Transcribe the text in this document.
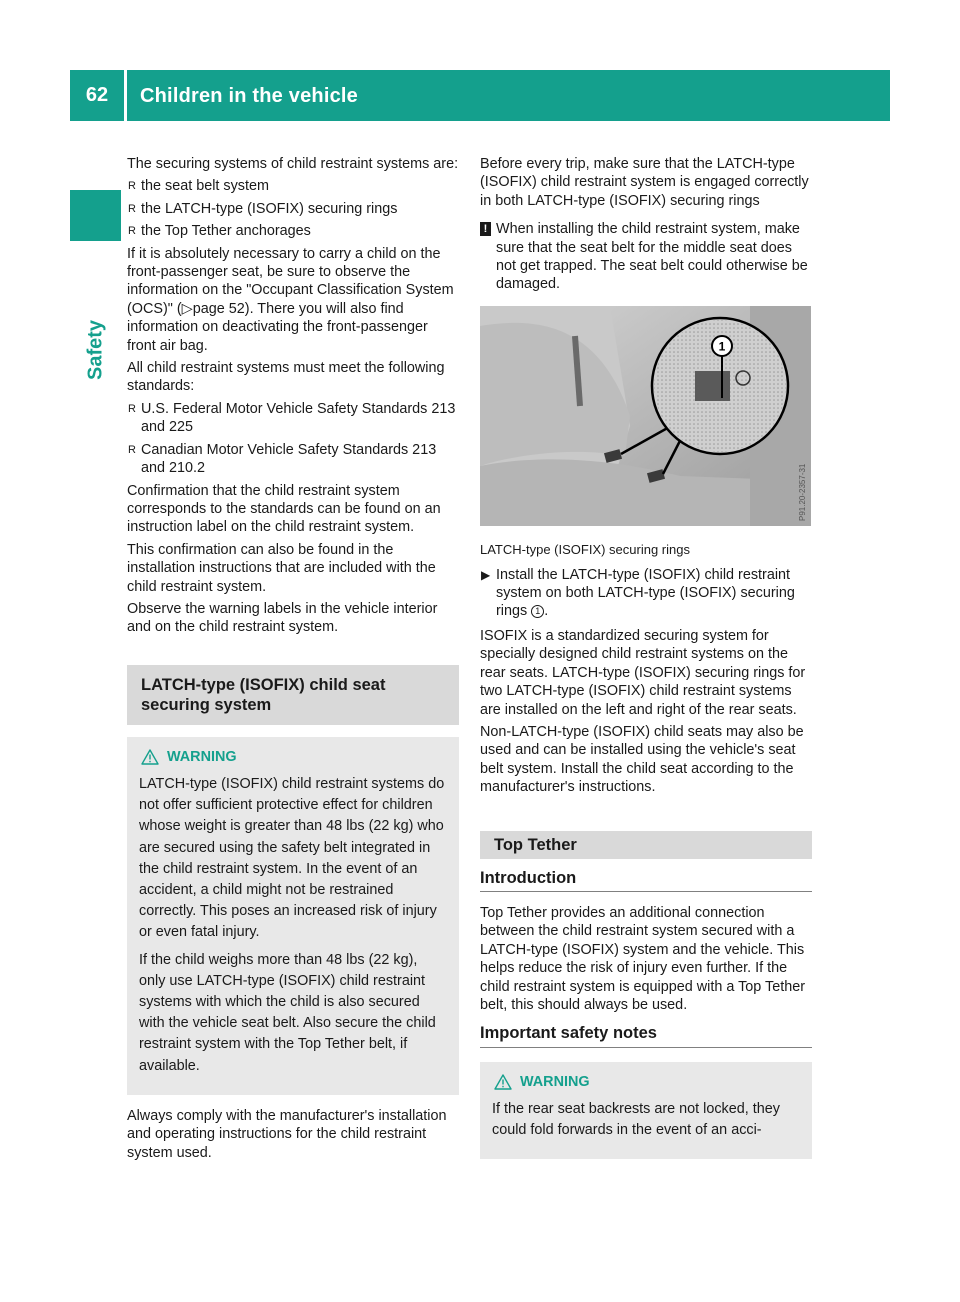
62	Children in the vehicle
Safety
The securing systems of child restraint systems are:
R the seat belt system
R the LATCH-type (ISOFIX) securing rings
R the Top Tether anchorages
If it is absolutely necessary to carry a child on the front-passenger seat, be sure to observe the information on the "Occupant Classification System (OCS)" (▷page 52). There you will also find information on deactivating the front-passenger front air bag.
All child restraint systems must meet the following standards:
R U.S. Federal Motor Vehicle Safety Standards 213 and 225
R Canadian Motor Vehicle Safety Standards 213 and 210.2
Confirmation that the child restraint system corresponds to the standards can be found on an instruction label on the child restraint system.
This confirmation can also be found in the installation instructions that are included with the child restraint system.
Observe the warning labels in the vehicle interior and on the child restraint system.
LATCH-type (ISOFIX) child seat securing system
WARNING
LATCH-type (ISOFIX) child restraint systems do not offer sufficient protective effect for children whose weight is greater than 48 lbs (22 kg) who are secured using the safety belt integrated in the child restraint system. In the event of an accident, a child might not be restrained correctly. This poses an increased risk of injury or even fatal injury.
If the child weighs more than 48 lbs (22 kg), only use LATCH-type (ISOFIX) child restraint systems with which the child is also secured with the vehicle seat belt. Also secure the child restraint system with the Top Tether belt, if available.
Always comply with the manufacturer's installation and operating instructions for the child restraint system used.
Before every trip, make sure that the LATCH-type (ISOFIX) child restraint system is engaged correctly in both LATCH-type (ISOFIX) securing rings
! When installing the child restraint system, make sure that the seat belt for the middle seat does not get trapped. The seat belt could otherwise be damaged.
1
P91.20-2357-31
LATCH-type (ISOFIX) securing rings
▶ Install the LATCH-type (ISOFIX) child restraint system on both LATCH-type (ISOFIX) securing rings 1 .
ISOFIX is a standardized securing system for specially designed child restraint systems on the rear seats. LATCH-type (ISOFIX) securing rings for two LATCH-type (ISOFIX) child restraint systems are installed on the left and right of the rear seats.
Non-LATCH-type (ISOFIX) child seats may also be used and can be installed using the vehicle's seat belt system. Install the child seat according to the manufacturer's instructions.
Top Tether
Introduction
Top Tether provides an additional connection between the child restraint system secured with a LATCH-type (ISOFIX) system and the vehicle. This helps reduce the risk of injury even further. If the child restraint system is equipped with a Top Tether belt, this should always be used.
Important safety notes
WARNING
If the rear seat backrests are not locked, they could fold forwards in the event of an acci-
